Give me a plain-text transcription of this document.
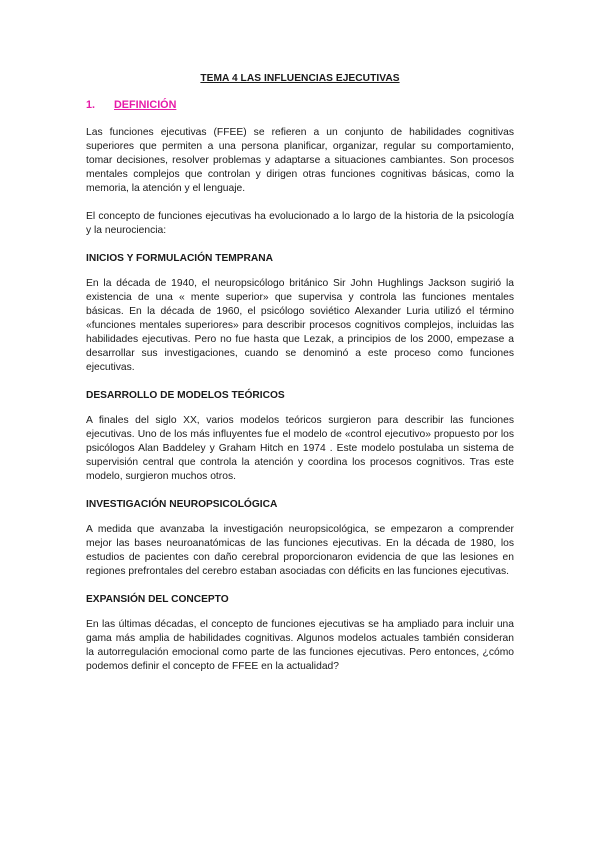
TEMA 4 LAS INFLUENCIAS EJECUTIVAS
1. DEFINICIÓN

Las funciones ejecutivas (FFEE) se refieren a un conjunto de habilidades cognitivas superiores que permiten a una persona planificar, organizar, regular su comportamiento, tomar decisiones, resolver problemas y adaptarse a situaciones cambiantes. Son procesos mentales complejos que controlan y dirigen otras funciones cognitivas básicas, como la memoria, la atención y el lenguaje.

El concepto de funciones ejecutivas ha evolucionado a lo largo de la historia de la psicología y la neurociencia:

INICIOS Y FORMULACIÓN TEMPRANA

En la década de 1940, el neuropsicólogo británico Sir John Hughlings Jackson sugirió la existencia de una « mente superior» que supervisa y controla las funciones mentales básicas. En la década de 1960, el psicólogo soviético Alexander Luria utilizó el término «funciones mentales superiores» para describir procesos cognitivos complejos, incluidas las habilidades ejecutivas. Pero no fue hasta que Lezak, a principios de los 2000, empezase a desarrollar sus investigaciones, cuando se denominó a este proceso como funciones ejecutivas.

DESARROLLO DE MODELOS TEÓRICOS

A finales del siglo XX, varios modelos teóricos surgieron para describir las funciones ejecutivas. Uno de los más influyentes fue el modelo de «control ejecutivo» propuesto por los psicólogos Alan Baddeley y Graham Hitch en 1974 . Este modelo postulaba un sistema de supervisión central que controla la atención y coordina los procesos cognitivos. Tras este modelo, surgieron muchos otros.

INVESTIGACIÓN NEUROPSICOLÓGICA

A medida que avanzaba la investigación neuropsicológica, se empezaron a comprender mejor las bases neuroanatómicas de las funciones ejecutivas. En la década de 1980, los estudios de pacientes con daño cerebral proporcionaron evidencia de que las lesiones en regiones prefrontales del cerebro estaban asociadas con déficits en las funciones ejecutivas.

EXPANSIÓN DEL CONCEPTO

En las últimas décadas, el concepto de funciones ejecutivas se ha ampliado para incluir una gama más amplia de habilidades cognitivas. Algunos modelos actuales también consideran la autorregulación emocional como parte de las funciones ejecutivas. Pero entonces, ¿cómo podemos definir el concepto de FFEE en la actualidad?
